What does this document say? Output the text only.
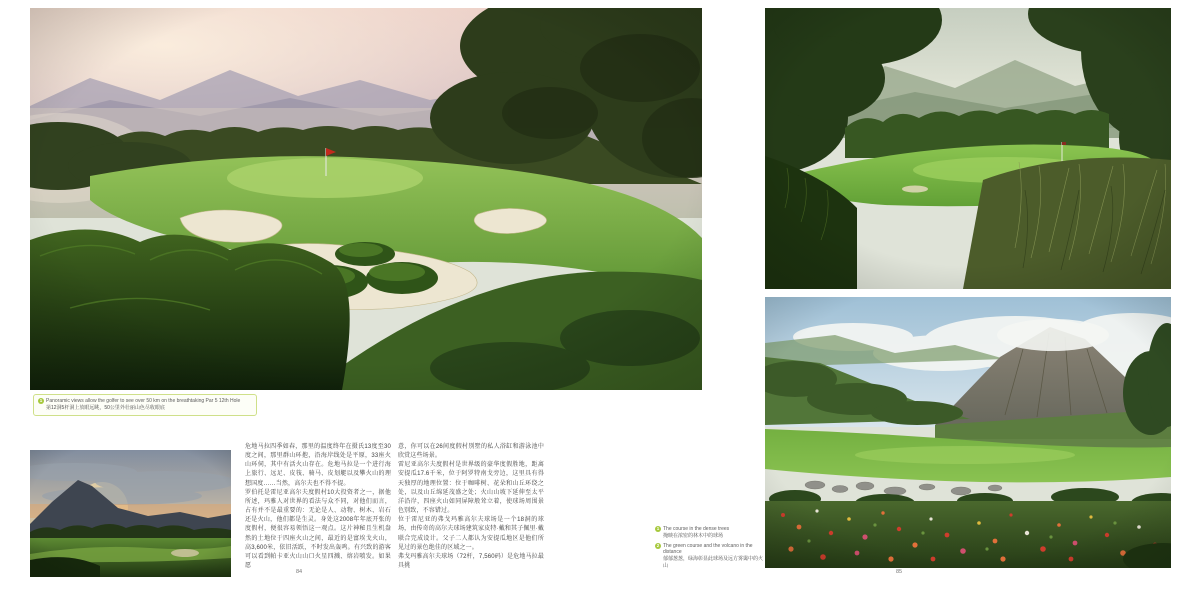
1 Panoramic views allow the golfer to see over 50 km on the breathtaking Par 5 12th Hole
第12洞5杆洞上放眼远眺，50公里外壮丽山色尽收眼底

危地马拉四季如春，那里的温度终年在摄氏13度至30度之间，那里群山环抱，沿海岸线处是平原，33座火山环伺，其中有活火山存在。危地马拉是一个进行海上旅行、远足、皮筏、骑马、皮划艇以及攀火山的理想国度……当然，高尔夫也不得不提。

罗伯托是雷尼亚高尔夫度假村10大投资者之一，据他所述，玛雅人对世界的看法与众不同，对他们而言，占有并不是最重要的：无论是人、动物、树木、岩石还是火山，他们都是生灵。身处这2008年年底开张的度假村，便很容易领悟这一观点。这片神秘且生机盎然的土地位于四座火山之间，最近的是富埃戈火山，高3,600米，依旧活跃，不时发出轰鸣。有兴致的游客可以看到帕卡亚火山山口火星四溅、熔岩喷发。如果愿

意，你可以在26间度假村别墅的私人浴缸和游泳池中欣赏这些场景。

雷尼亚高尔夫度假村是世界级的豪华度假胜地，距离安提瓜17.6千米，位于阿罗特南戈旁边，这里具有得天独厚的地理位置：位于咖啡树、花朵和山丘环绕之处，以及山丘绵延茂盛之处；火山山坡下延伸至太平洋沿岸，四座火山如同屏障般耸立着，使球场周围景色别致，不容错过。

位于雷尼亚的弗戈玛雅高尔夫球场是一个18洞的球场，由传奇的高尔夫球场建筑家皮特·戴和其子佩里·戴联合完成设计。父子二人都认为安提瓜地区是他们所见过的景色绝佳的区域之一。

弗戈玛雅高尔夫球场（72杆，7,560码）是危地马拉最具挑

84
1 The course in the dense trees
掩映在浓密的林木中的球场
2 The green course and the volcano in the distance
郁郁葱葱，绿海彰显此球场及远方雾霭中的火山
85
